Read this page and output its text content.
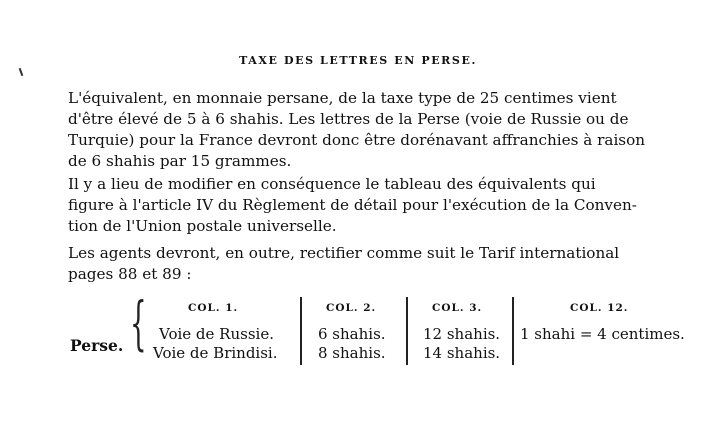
TAXE DES LETTRES EN PERSE.
L'équivalent, en monnaie persane, de la taxe type de 25 centimes vient
d'être élevé de 5 à 6 shahis. Les lettres de la Perse (voie de Russie ou de
Turquie) pour la France devront donc être dorénavant affranchies à raison
de 6 shahis par 15 grammes.
Il y a lieu de modifier en conséquence le tableau des équivalents qui
figure à l'article IV du Règlement de détail pour l'exécution de la Conven-
tion de l'Union postale universelle.
Les agents devront, en outre, rectifier comme suit le Tarif international
pages 88 et 89 :
Perse. {	COL. 1.
Voie de Russie.
Voie de Brindisi.
COL. 2.
6 shahis.
8 shahis.
COL. 3.
12 shahis.
14 shahis.
COL. 12.
1 shahi = 4 centimes.
